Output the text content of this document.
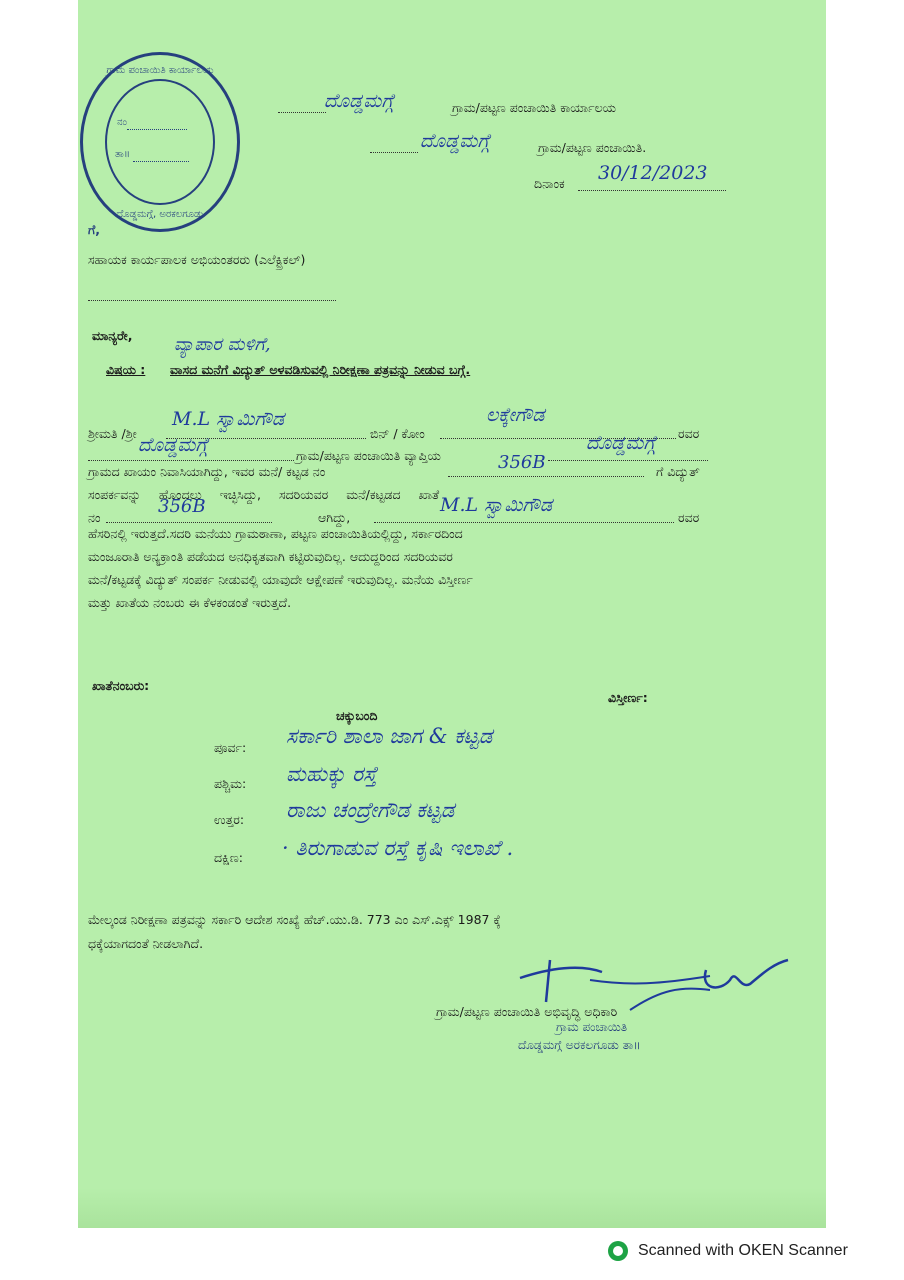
ಗ್ರಾಮ ಪಂಚಾಯಿತಿ ಕಾರ್ಯಾಲಯ
ನಂ
ತಾ॥
ದೊಡ್ಡಮಗ್ಗೆ, ಅರಕಲಗೂಡು
ದೊಡ್ಡಮಗ್ಗೆ	ಗ್ರಾಮ/ಪಟ್ಟಣ ಪಂಚಾಯಿತಿ ಕಾರ್ಯಾಲಯ
ದೊಡ್ಡಮಗ್ಗೆ	ಗ್ರಾಮ/ಪಟ್ಟಣ ಪಂಚಾಯಿತಿ.
ದಿನಾಂಕ 30/12/2023
ಗೆ,
ಸಹಾಯಕ ಕಾರ್ಯಪಾಲಕ ಅಭಿಯಂತರರು (ಎಲೆಕ್ಟ್ರಿಕಲ್)
ಮಾನ್ಯರೇ, ವ್ಯಾಪಾರ ಮಳಿಗೆ,
ವಿಷಯ : ವಾಸದ ಮನೆಗೆ ವಿದ್ಯುತ್ ಅಳವಡಿಸುವಲ್ಲಿ ನಿರೀಕ್ಷಣಾ ಪತ್ರವನ್ನು ನೀಡುವ ಬಗ್ಗೆ.
ಶ್ರೀಮತಿ /ಶ್ರೀ
M.L ಸ್ವಾಮಿಗೌಡ
ಬಿನ್ / ಕೋಂ
ಲಕ್ಕೇಗೌಡ
ರವರ
ದೊಡ್ಡಮಗ್ಗೆ	ಗ್ರಾಮ/ಪಟ್ಟಣ ಪಂಚಾಯಿತಿ ವ್ಯಾಪ್ತಿಯ
ದೊಡ್ಡಮಗ್ಗೆ
ಗ್ರಾಮದ ಖಾಯಂ ನಿವಾಸಿಯಾಗಿದ್ದು, ಇವರ ಮನೆ/ ಕಟ್ಟಡ ನಂ	356B	ಗೆ ವಿದ್ಯುತ್
ಸಂಪರ್ಕವನ್ನು ಹೊಂದಲು ಇಚ್ಛಿಸಿದ್ದು, ಸದರಿಯವರ ಮನೆ/ಕಟ್ಟಡದ ಖಾತೆ
ನಂ
356B
ಆಗಿದ್ದು,
M.L ಸ್ವಾಮಿಗೌಡ
ರವರ
ಹೆಸರಿನಲ್ಲಿ ಇರುತ್ತದೆ.ಸದರಿ ಮನೆಯು ಗ್ರಾಮಠಾಣಾ, ಪಟ್ಟಣ ಪಂಚಾಯಿತಿಯಲ್ಲಿದ್ದು, ಸರ್ಕಾರದಿಂದ
ಮಂಜೂರಾತಿ ಅನ್ಯಕ್ರಾಂತಿ ಪಡೆಯದ ಅನಧಿಕೃತವಾಗಿ ಕಟ್ಟಿರುವುದಿಲ್ಲ. ಆದುದ್ದರಿಂದ ಸದರಿಯವರ
ಮನೆ/ಕಟ್ಟಡಕ್ಕೆ ವಿದ್ಯುತ್ ಸಂಪರ್ಕ ನೀಡುವಲ್ಲಿ ಯಾವುದೇ ಆಕ್ಷೇಪಣೆ ಇರುವುದಿಲ್ಲ. ಮನೆಯ ವಿಸ್ತೀರ್ಣ
ಮತ್ತು ಖಾತೆಯ ನಂಬರು ಈ ಕೆಳಕಂಡಂತೆ ಇರುತ್ತದೆ.
ಖಾತೆನಂಬರು:
ವಿಸ್ತೀರ್ಣ:
ಚಕ್ಕುಬಂದಿ
ಪೂರ್ವ: ಸರ್ಕಾರಿ ಶಾಲಾ ಜಾಗ & ಕಟ್ಟಡ
ಪಶ್ಚಿಮ: ಮಹುಕ್ಕು ರಸ್ತೆ
ಉತ್ತರ: ರಾಜು ಚಂದ್ರೇಗೌಡ ಕಟ್ಟಡ
ದಕ್ಷಿಣ: · ತಿರುಗಾಡುವ ರಸ್ತೆ ಕೃಷಿ ಇಲಾಖೆ .
ಮೇಲ್ಕಂಡ ನಿರೀಕ್ಷಣಾ ಪತ್ರವನ್ನು ಸರ್ಕಾರಿ ಆದೇಶ ಸಂಖ್ಯೆ ಹೆಚ್.ಯು.ಡಿ. 773 ಎಂ ಎಸ್.ಎಕ್ಸ್ 1987 ಕ್ಕೆ
ಧಕ್ಕೆಯಾಗದಂತೆ ನೀಡಲಾಗಿದೆ.
ಗ್ರಾಮ/ಪಟ್ಟಣ ಪಂಚಾಯಿತಿ ಅಭಿವೃದ್ಧಿ ಅಧಿಕಾರಿ
ಗ್ರಾಮ ಪಂಚಾಯಿತಿ
ದೊಡ್ಡಮಗ್ಗೆ ಅರಕಲಗೂಡು ತಾ॥
Scanned with OKEN Scanner
